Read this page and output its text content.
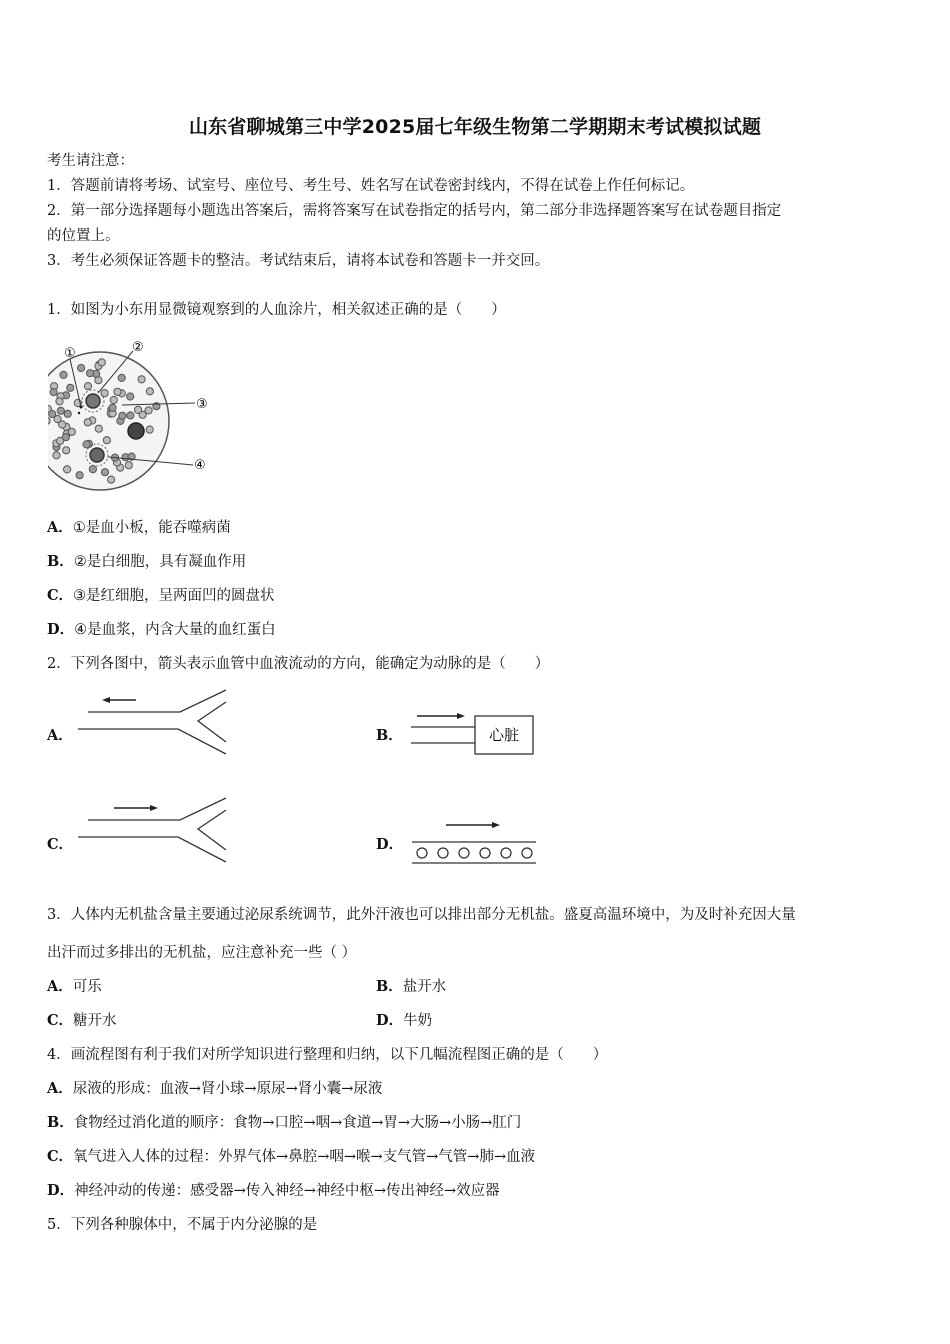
山东省聊城第三中学2025届七年级生物第二学期期末考试模拟试题
考生请注意：
1．答题前请将考场、试室号、座位号、考生号、姓名写在试卷密封线内，不得在试卷上作任何标记。
2．第一部分选择题每小题选出答案后，需将答案写在试卷指定的括号内，第二部分非选择题答案写在试卷题目指定
的位置上。
3．考生必须保证答题卡的整洁。考试结束后，请将本试卷和答题卡一并交回。
1．如图为小东用显微镜观察到的人血涂片，相关叙述正确的是（　　）
①	②
③
④
A．①是血小板，能吞噬病菌
B．②是白细胞，具有凝血作用
C．③是红细胞，呈两面凹的圆盘状
D．④是血浆，内含大量的血红蛋白
2．下列各图中，箭头表示血管中血液流动的方向，能确定为动脉的是（　　）
A．	B．	心脏
C．	D．
3．人体内无机盐含量主要通过泌尿系统调节，此外汗液也可以排出部分无机盐。盛夏高温环境中，为及时补充因大量
出汗而过多排出的无机盐，应注意补充一些（ ）
A．可乐	B．盐开水
C．糖开水	D．牛奶
4．画流程图有利于我们对所学知识进行整理和归纳，以下几幅流程图正确的是（　　）
A．尿液的形成：血液→肾小球→原尿→肾小囊→尿液
B．食物经过消化道的顺序：食物→口腔→咽→食道→胃→大肠→小肠→肛门
C．氧气进入人体的过程：外界气体→鼻腔→咽→喉→支气管→气管→肺→血液
D．神经冲动的传递：感受器→传入神经→神经中枢→传出神经→效应器
5．下列各种腺体中，不属于内分泌腺的是
